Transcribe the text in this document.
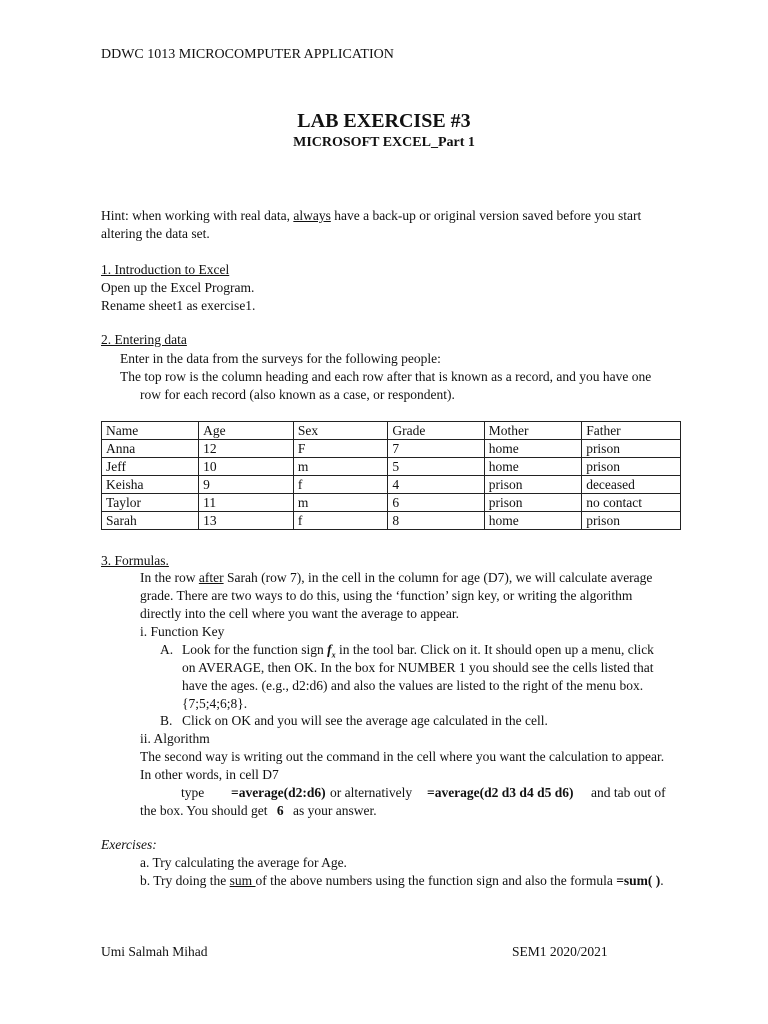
DDWC 1013 MICROCOMPUTER APPLICATION
LAB EXERCISE #3
MICROSOFT EXCEL_Part 1
Hint: when working with real data, always have a back-up or original version saved before you start
altering the data set.
1. Introduction to Excel
Open up the Excel Program.
Rename sheet1 as exercise1.
2. Entering data
Enter in the data from the surveys for the following people:
The top row is the column heading and each row after that is known as a record, and you have one
row for each record (also known as a case, or respondent).
Name	Age	Sex	Grade	Mother	Father
Anna	12	F	7	home	prison
Jeff	10	m	5	home	prison
Keisha	9	f	4	prison	deceased
Taylor	11	m	6	prison	no contact
Sarah	13	f	8	home	prison
3. Formulas.
In the row after Sarah (row 7), in the cell in the column for age (D7), we will calculate average
grade. There are two ways to do this, using the ‘function’ sign key, or writing the algorithm
directly into the cell where you want the average to appear.
i. Function Key
A. Look for the function sign $f_x$ in the tool bar. Click on it. It should open up a menu, click
on AVERAGE, then OK. In the box for NUMBER 1 you should see the cells listed that
have the ages. (e.g., d2:d6) and also the values are listed to the right of the menu box.
{7;5;4;6;8}.
B. Click on OK and you will see the average age calculated in the cell.
ii. Algorithm
The second way is writing out the command in the cell where you want the calculation to appear.
In other words, in cell D7
type =average(d2:d6) or alternatively =average(d2 d3 d4 d5 d6) and tab out of
the box. You should get 6 as your answer.
Exercises:
a. Try calculating the average for Age.
b. Try doing the sum of the above numbers using the function sign and also the formula =sum( ).
Umi Salmah Mihad	SEM1 2020/2021
